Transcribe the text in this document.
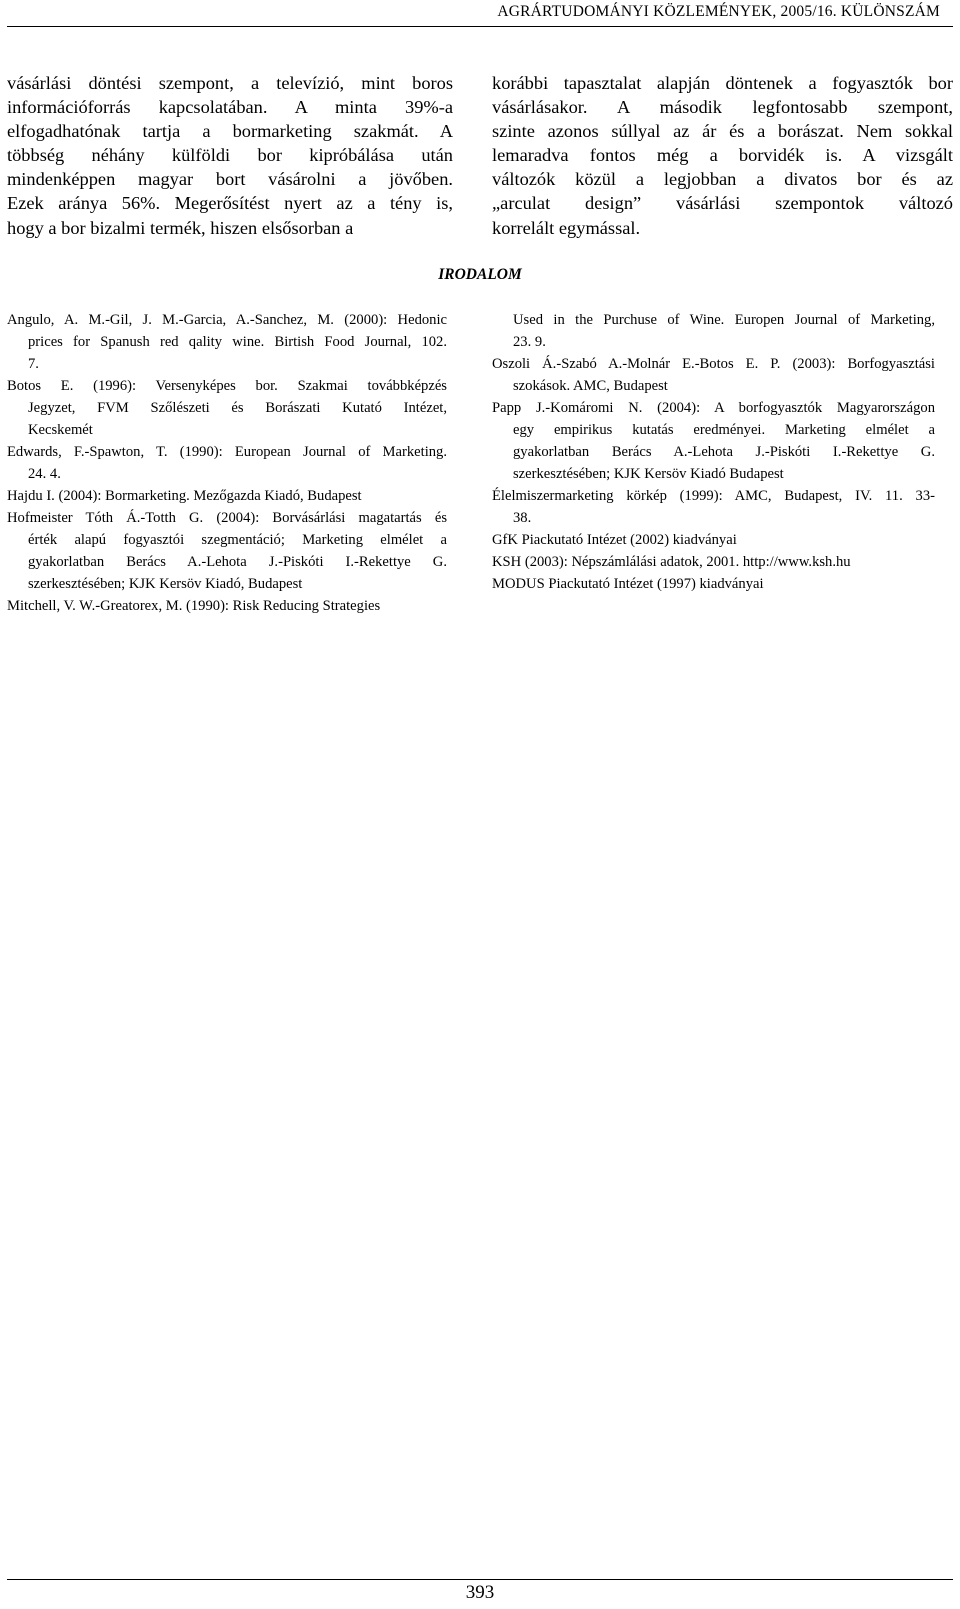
AGRÁRTUDOMÁNYI KÖZLEMÉNYEK, 2005/16. KÜLÖNSZÁM
vásárlási döntési szempont, a televízió, mint boros
információforrás kapcsolatában. A minta 39%-a
elfogadhatónak tartja a bormarketing szakmát. A
többség néhány külföldi bor kipróbálása után
mindenképpen magyar bort vásárolni a jövőben.
Ezek aránya 56%. Megerősítést nyert az a tény is,
hogy a bor bizalmi termék, hiszen elsősorban a
korábbi tapasztalat alapján döntenek a fogyasztók bor
vásárlásakor. A második legfontosabb szempont,
szinte azonos súllyal az ár és a borászat. Nem sokkal
lemaradva fontos még a borvidék is. A vizsgált
változók közül a legjobban a divatos bor és az
„arculat design” vásárlási szempontok változó
korrelált egymással.
IRODALOM
Angulo, A. M.-Gil, J. M.-Garcia, A.-Sanchez, M. (2000): Hedonic
prices for Spanush red qality wine. Birtish Food Journal, 102.
7.
Botos E. (1996): Versenyképes bor. Szakmai továbbképzés
Jegyzet, FVM Szőlészeti és Borászati Kutató Intézet,
Kecskemét
Edwards, F.-Spawton, T. (1990): European Journal of Marketing.
24. 4.
Hajdu I. (2004): Bormarketing. Mezőgazda Kiadó, Budapest
Hofmeister Tóth Á.-Totth G. (2004): Borvásárlási magatartás és
érték alapú fogyasztói szegmentáció; Marketing elmélet a
gyakorlatban Berács A.-Lehota J.-Piskóti I.-Rekettye G.
szerkesztésében; KJK Kersöv Kiadó, Budapest
Mitchell, V. W.-Greatorex, M. (1990): Risk Reducing Strategies
Used in the Purchuse of Wine. Europen Journal of Marketing,
23. 9.
Oszoli Á.-Szabó A.-Molnár E.-Botos E. P. (2003): Borfogyasztási
szokások. AMC, Budapest
Papp J.-Komáromi N. (2004): A borfogyasztók Magyarországon
egy empirikus kutatás eredményei. Marketing elmélet a
gyakorlatban Berács A.-Lehota J.-Piskóti I.-Rekettye G.
szerkesztésében; KJK Kersöv Kiadó Budapest
Élelmiszermarketing körkép (1999): AMC, Budapest, IV. 11. 33-
38.
GfK Piackutató Intézet (2002) kiadványai
KSH (2003): Népszámlálási adatok, 2001. http://www.ksh.hu
MODUS Piackutató Intézet (1997) kiadványai
393
